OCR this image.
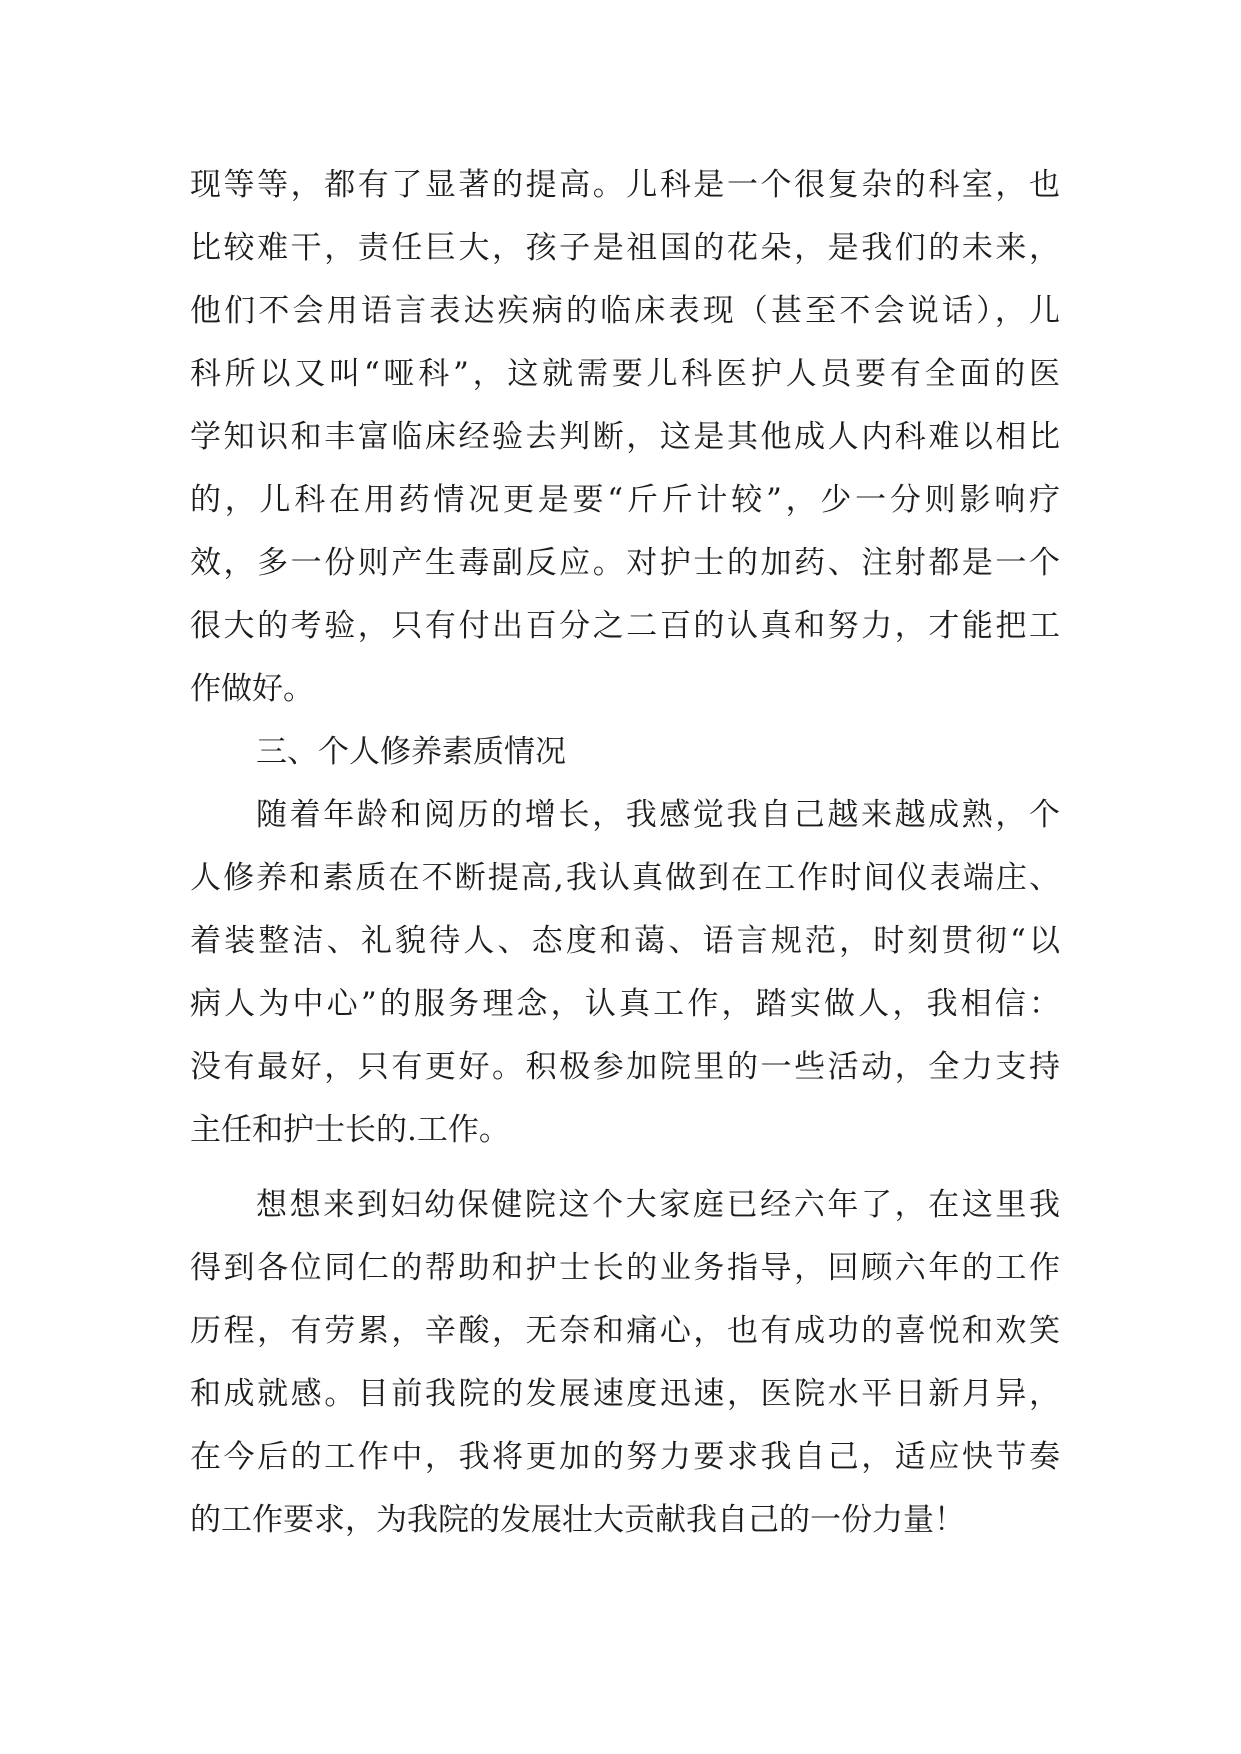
现等等，都有了显著的提高。儿科是一个很复杂的科室，也
比较难干，责任巨大，孩子是祖国的花朵，是我们的未来，
他们不会用语言表达疾病的临床表现（甚至不会说话），儿
科所以又叫“哑科”，这就需要儿科医护人员要有全面的医
学知识和丰富临床经验去判断，这是其他成人内科难以相比
的，儿科在用药情况更是要“斤斤计较”，少一分则影响疗
效，多一份则产生毒副反应。对护士的加药、注射都是一个
很大的考验，只有付出百分之二百的认真和努力，才能把工
作做好。
三、个人修养素质情况
随着年龄和阅历的增长，我感觉我自己越来越成熟，个
人修养和素质在不断提高,我认真做到在工作时间仪表端庄、
着装整洁、礼貌待人、态度和蔼、语言规范，时刻贯彻“以
病人为中心”的服务理念，认真工作，踏实做人，我相信：
没有最好，只有更好。积极参加院里的一些活动，全力支持
主任和护士长的.工作。
想想来到妇幼保健院这个大家庭已经六年了，在这里我
得到各位同仁的帮助和护士长的业务指导，回顾六年的工作
历程，有劳累，辛酸，无奈和痛心，也有成功的喜悦和欢笑
和成就感。目前我院的发展速度迅速，医院水平日新月异，
在今后的工作中，我将更加的努力要求我自己，适应快节奏
的工作要求，为我院的发展壮大贡献我自己的一份力量！
